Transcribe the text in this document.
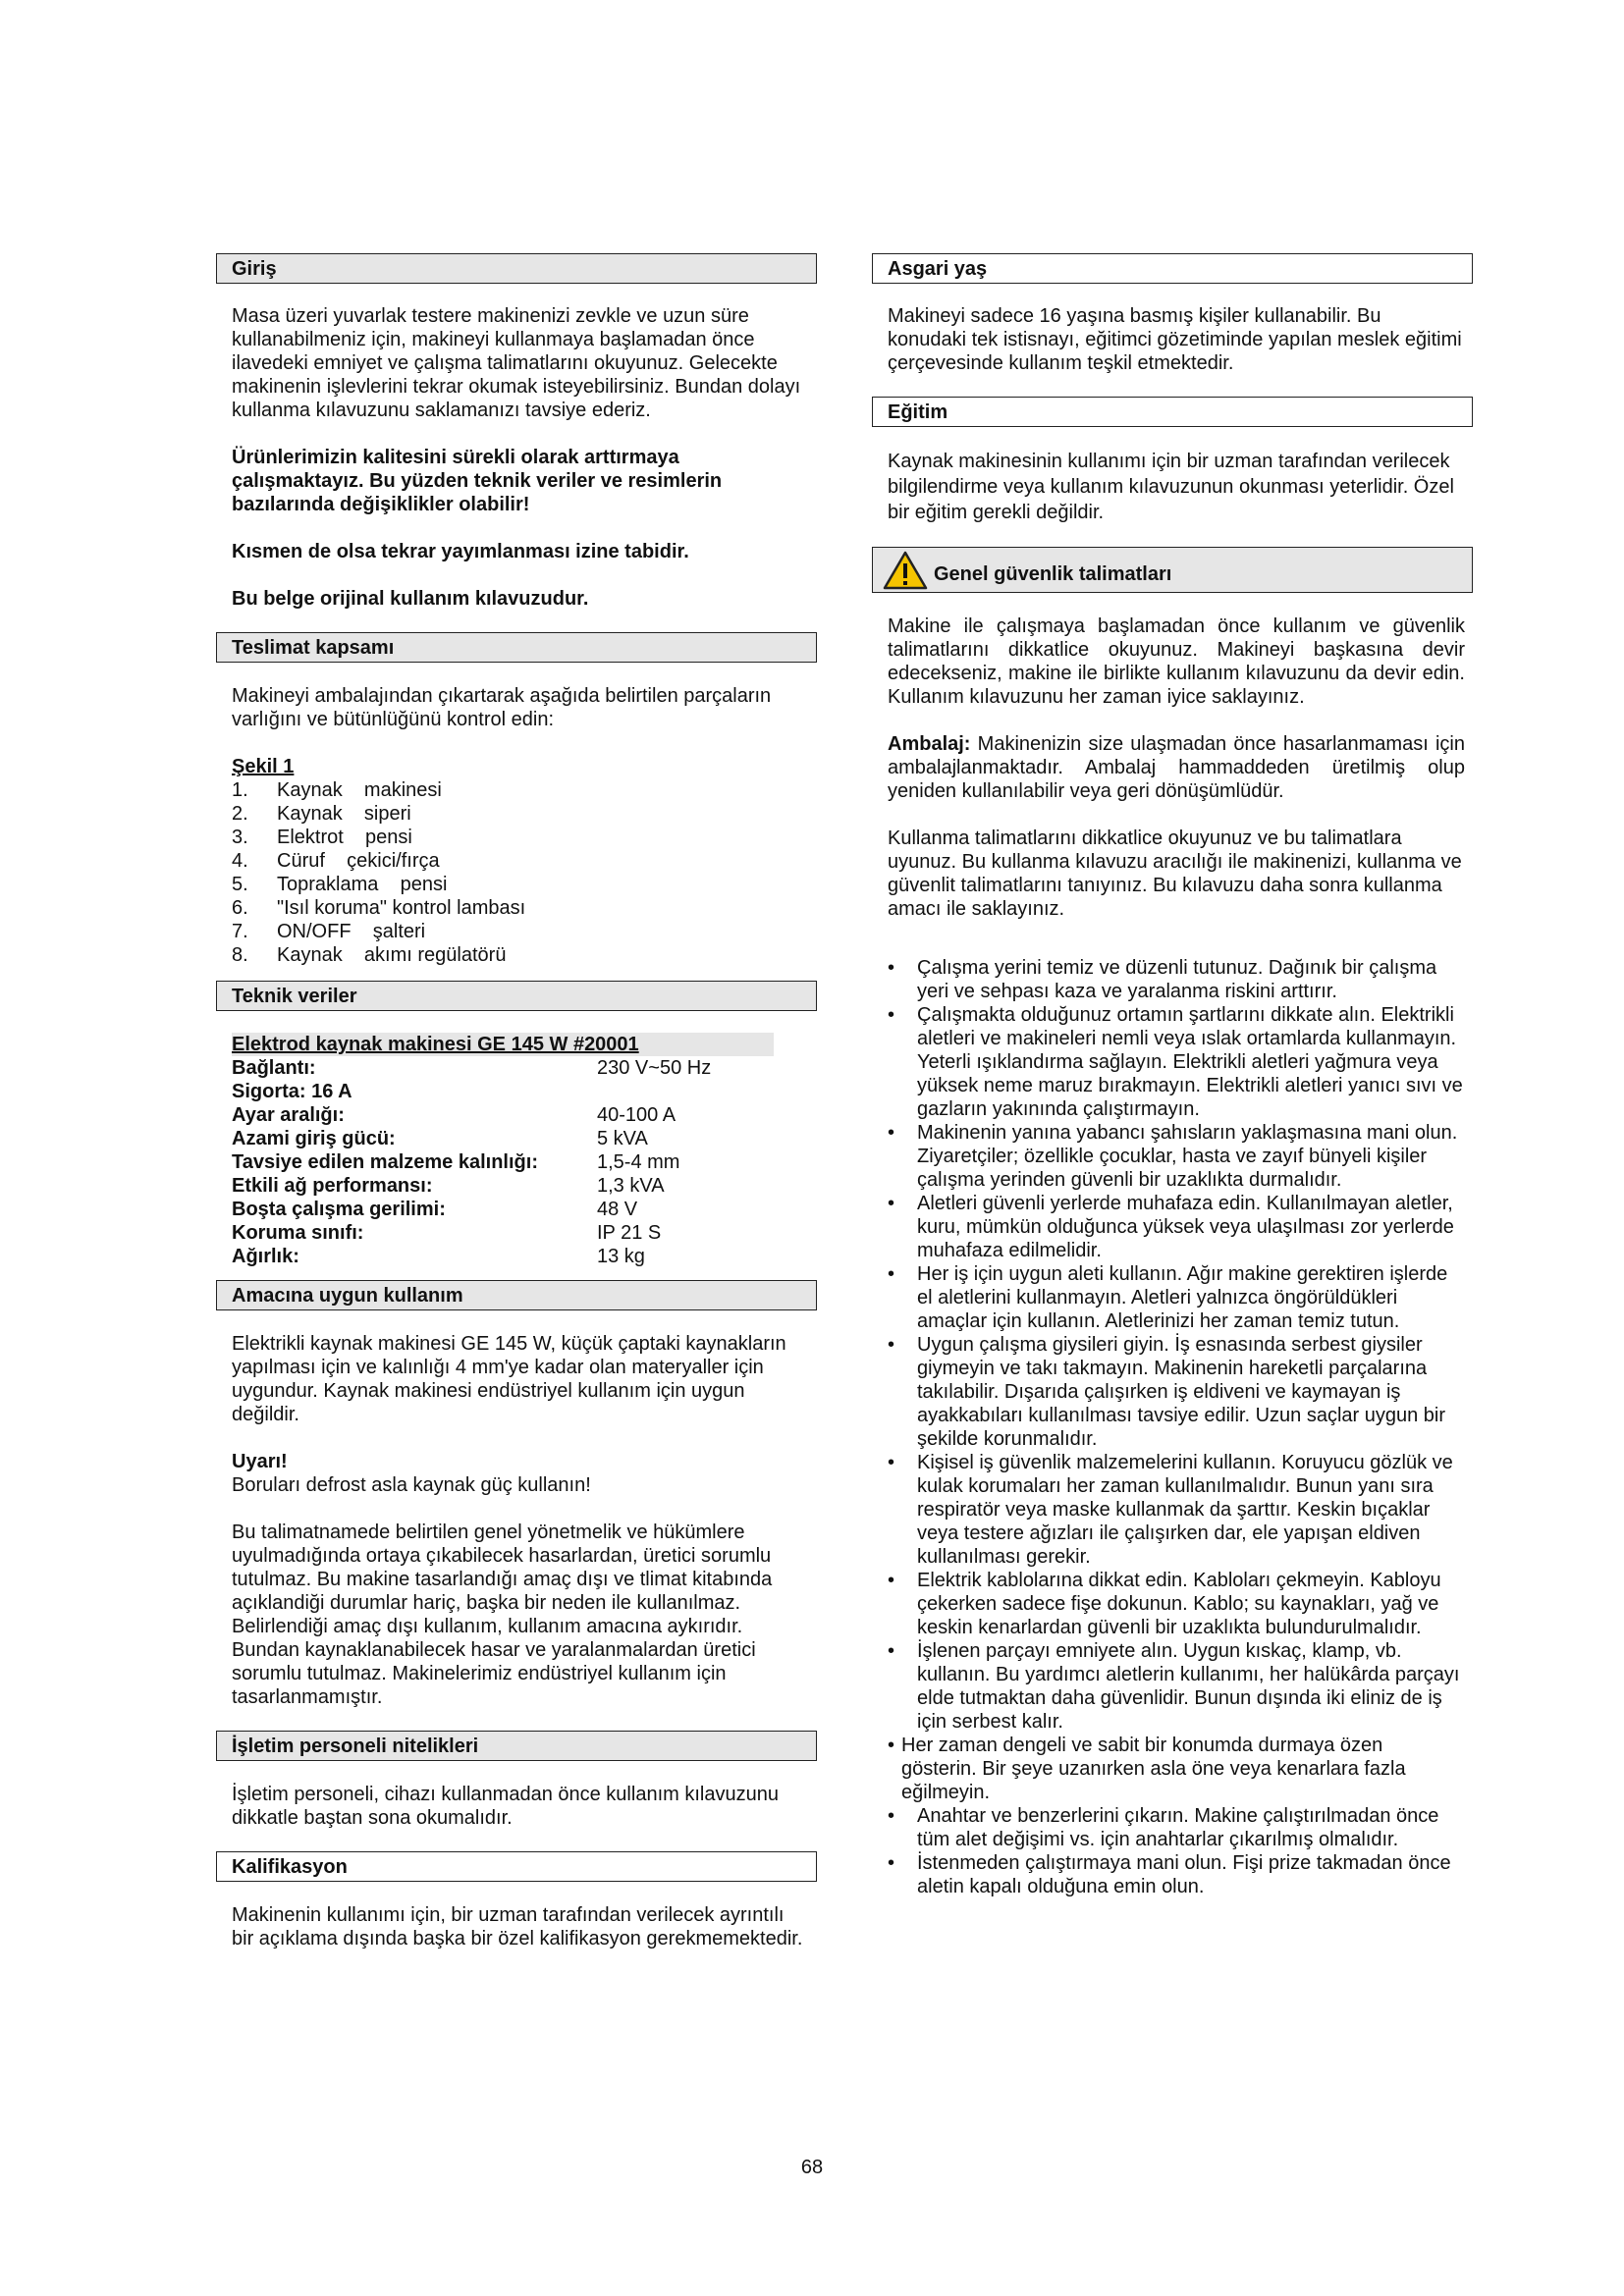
Giriş

Masa üzeri yuvarlak testere makinenizi zevkle ve uzun süre kullanabilmeniz için, makineyi kullanmaya başlamadan önce ilavedeki emniyet ve çalışma talimatlarını okuyunuz. Gelecekte makinenin işlevlerini tekrar okumak isteyebilirsiniz. Bundan dolayı kullanma kılavuzunu saklamanızı tavsiye ederiz.

Ürünlerimizin kalitesini sürekli olarak arttırmaya çalışmaktayız. Bu yüzden teknik veriler ve resimlerin bazılarında değişiklikler olabilir!

Kısmen de olsa tekrar yayımlanması izine tabidir.

Bu belge orijinal kullanım kılavuzudur.

Teslimat kapsamı

Makineyi ambalajından çıkartarak aşağıda belirtilen parçaların varlığını ve bütünlüğünü kontrol edin:

Şekil 1

1.	Kaynak    makinesi
2.	Kaynak    siperi
3.	Elektrot    pensi
4.	Cüruf    çekici/fırça
5.	Topraklama    pensi
6.	"Isıl koruma" kontrol lambası
7.	ON/OFF    şalteri
8.	Kaynak    akımı regülatörü
Teknik veriler
Elektrod kaynak makinesi GE 145 W #20001
Bağlantı:	230 V~50 Hz
Sigorta: 16 A
Ayar aralığı:	40-100 A
Azami giriş gücü:	5 kVA
Tavsiye edilen malzeme kalınlığı:	1,5-4 mm
Etkili ağ performansı:	1,3 kVA
Boşta çalışma gerilimi:	48 V
Koruma sınıfı:	IP 21 S
Ağırlık:	13 kg
Amacına uygun kullanım

Elektrikli kaynak makinesi GE 145 W, küçük çaptaki kaynakların yapılması için ve kalınlığı 4 mm'ye kadar olan materyaller için uygundur. Kaynak makinesi endüstriyel kullanım için uygun değildir.

Uyarı!

Boruları defrost asla kaynak güç kullanın!

Bu talimatnamede belirtilen genel yönetmelik ve hükümlere uyulmadığında ortaya çıkabilecek hasarlardan, üretici sorumlu tutulmaz. Bu makine tasarlandığı amaç dışı ve tlimat kitabında açıklandiği durumlar hariç, başka bir neden ile kullanılmaz. Belirlendiği amaç dışı kullanım, kullanım amacına aykırıdır. Bundan kaynaklanabilecek hasar ve yaralanmalardan üretici sorumlu tutulmaz. Makinelerimiz endüstriyel kullanım için tasarlanmamıştır.

İşletim personeli nitelikleri

İşletim personeli, cihazı kullanmadan önce kullanım kılavuzunu dikkatle baştan sona okumalıdır.

Kalifikasyon

Makinenin kullanımı için, bir uzman tarafından verilecek ayrıntılı bir açıklama dışında başka bir özel kalifikasyon gerekmemektedir.

Asgari yaş

Makineyi sadece 16 yaşına basmış kişiler kullanabilir. Bu konudaki tek istisnayı, eğitimci gözetiminde yapılan meslek eğitimi çerçevesinde kullanım teşkil etmektedir.

Eğitim

Kaynak makinesinin kullanımı için bir uzman tarafından verilecek bilgilendirme veya kullanım kılavuzunun okunması yeterlidir. Özel bir eğitim gerekli değildir.

Genel güvenlik talimatları

Makine ile çalışmaya başlamadan önce kullanım ve güvenlik talimatlarını dikkatlice okuyunuz. Makineyi başkasına devir edecekseniz, makine ile birlikte kullanım kılavuzunu da devir edin. Kullanım kılavuzunu her zaman iyice saklayınız.

Ambalaj: Makinenizin size ulaşmadan önce hasarlanmaması için ambalajlanmaktadır. Ambalaj hammaddeden üretilmiş olup yeniden kullanılabilir veya geri dönüşümlüdür.

Kullanma talimatlarını dikkatlice okuyunuz ve bu talimatlara uyunuz. Bu kullanma kılavuzu aracılığı ile makinenizi, kullanma ve güvenlit talimatlarını tanıyınız. Bu kılavuzu daha sonra kullanma amacı ile saklayınız.

•	Çalışma yerini temiz ve düzenli tutunuz. Dağınık bir çalışma yeri ve sehpası kaza ve yaralanma riskini arttırır.
•	Çalışmakta olduğunuz ortamın şartlarını dikkate alın. Elektrikli aletleri ve makineleri nemli veya ıslak ortamlarda kullanmayın. Yeterli ışıklandırma sağlayın. Elektrikli aletleri yağmura veya yüksek neme maruz bırakmayın. Elektrikli aletleri yanıcı sıvı ve gazların yakınında çalıştırmayın.
•	Makinenin yanına yabancı şahısların yaklaşmasına mani olun. Ziyaretçiler; özellikle çocuklar, hasta ve zayıf bünyeli kişiler çalışma yerinden güvenli bir uzaklıkta durmalıdır.
•	Aletleri güvenli yerlerde muhafaza edin. Kullanılmayan aletler, kuru, mümkün olduğunca yüksek veya ulaşılması zor yerlerde muhafaza edilmelidir.
•	Her iş için uygun aleti kullanın. Ağır makine gerektiren işlerde el aletlerini kullanmayın. Aletleri yalnızca öngörüldükleri amaçlar için kullanın. Aletlerinizi her zaman temiz tutun.
•	Uygun çalışma giysileri giyin. İş esnasında serbest giysiler giymeyin ve takı takmayın. Makinenin hareketli parçalarına takılabilir. Dışarıda çalışırken iş eldiveni ve kaymayan iş ayakkabıları kullanılması tavsiye edilir. Uzun saçlar uygun bir şekilde korunmalıdır.
•	Kişisel iş güvenlik malzemelerini kullanın. Koruyucu gözlük ve kulak korumaları her zaman kullanılmalıdır. Bunun yanı sıra respiratör veya maske kullanmak da şarttır. Keskin bıçaklar veya testere ağızları ile çalışırken dar, ele yapışan eldiven kullanılması gerekir.
•	Elektrik kablolarına dikkat edin. Kabloları çekmeyin. Kabloyu çekerken sadece fişe dokunun. Kablo; su kaynakları, yağ ve keskin kenarlardan güvenli bir uzaklıkta bulundurulmalıdır.
•	İşlenen parçayı emniyete alın. Uygun kıskaç, klamp, vb. kullanın. Bu yardımcı aletlerin kullanımı, her halükârda parçayı elde tutmaktan daha güvenlidir. Bunun dışında iki eliniz de iş için serbest kalır.
• Her zaman dengeli ve sabit bir konumda durmaya özen gösterin. Bir şeye uzanırken asla öne veya kenarlara fazla eğilmeyin.
•	Anahtar ve benzerlerini çıkarın. Makine çalıştırılmadan önce tüm alet değişimi vs. için anahtarlar çıkarılmış olmalıdır.
•	İstenmeden çalıştırmaya mani olun. Fişi prize takmadan önce aletin kapalı olduğuna emin olun.
68
